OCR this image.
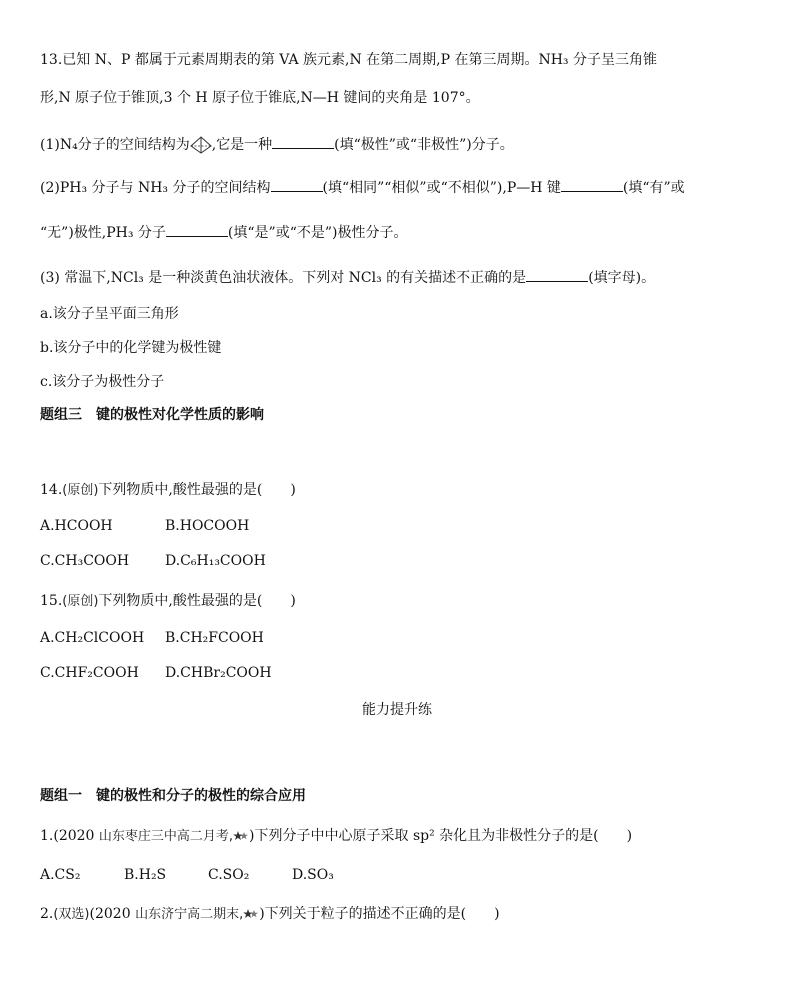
13.已知 N、P 都属于元素周期表的第 VA 族元素,N 在第二周期,P 在第三周期。NH₃ 分子呈三角锥
形,N 原子位于锥顶,3 个 H 原子位于锥底,N—H 键间的夹角是 107°。
(1)N₄分子的空间结构为 ,它是一种	(填“极性”或“非极性”)分子。
(2)PH₃ 分子与 NH₃ 分子的空间结构	(填“相同”“相似”或“不相似”),P—H 键	(填“有”或
“无”)极性,PH₃ 分子	(填“是”或“不是”)极性分子。
(3) 常温下,NCl₃ 是一种淡黄色油状液体。下列对 NCl₃ 的有关描述不正确的是	(填字母)。
a.该分子呈平面三角形
b.该分子中的化学键为极性键
c.该分子为极性分子
题组三　键的极性对化学性质的影响
14.(原创)下列物质中,酸性最强的是(　　)
A.HCOOH	B.HOCOOH
C.CH₃COOH	D.C₆H₁₃COOH
15.(原创)下列物质中,酸性最强的是(　　)
A.CH₂ClCOOH B.CH₂FCOOH
C.CHF₂COOH D.CHBr₂COOH
能力提升练
题组一　键的极性和分子的极性的综合应用
1.(2020 山东枣庄三中高二月考, )下列分子中中心原子采取 sp² 杂化且为非极性分子的是(　　)
A.CS₂	B.H₂S	C.SO₂	D.SO₃
2.(双选)(2020 山东济宁高二期末, )下列关于粒子的描述不正确的是(　　)
